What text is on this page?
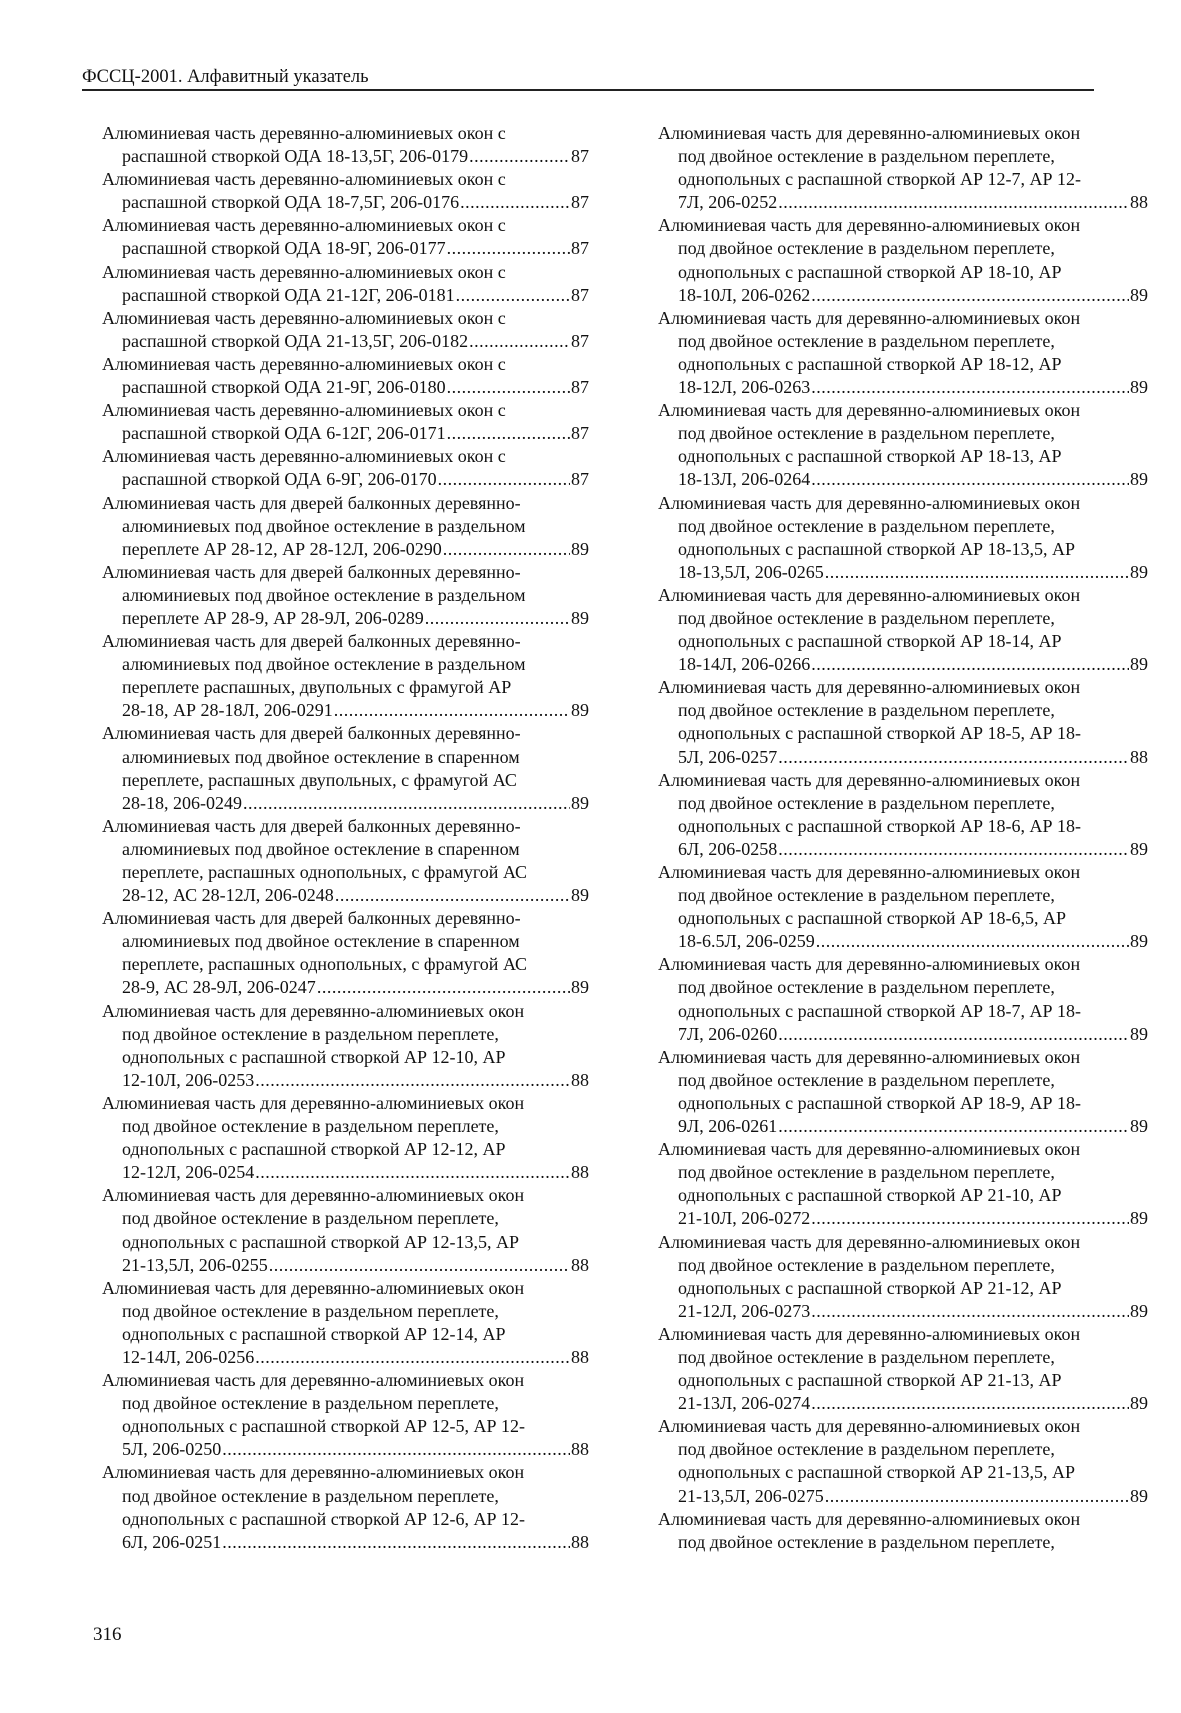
ФССЦ-2001. Алфавитный указатель
Алюминиевая часть деревянно-алюминиевых окон с
распашной створкой ОДА 18-13,5Г, 206-0179 .....	87
Алюминиевая часть деревянно-алюминиевых окон с
распашной створкой ОДА 18-7,5Г, 206-0176 .....	87
Алюминиевая часть деревянно-алюминиевых окон с
распашной створкой ОДА 18-9Г, 206-0177 .....	87
Алюминиевая часть деревянно-алюминиевых окон с
распашной створкой ОДА 21-12Г, 206-0181 .....	87
Алюминиевая часть деревянно-алюминиевых окон с
распашной створкой ОДА 21-13,5Г, 206-0182 .....	87
Алюминиевая часть деревянно-алюминиевых окон с
распашной створкой ОДА 21-9Г, 206-0180 .....	87
Алюминиевая часть деревянно-алюминиевых окон с
распашной створкой ОДА 6-12Г, 206-0171 .....	87
Алюминиевая часть деревянно-алюминиевых окон с
распашной створкой ОДА 6-9Г, 206-0170 .....	87
Алюминиевая часть для дверей балконных деревянно-
алюминиевых под двойное остекление в раздельном
переплете АР 28-12, АР 28-12Л, 206-0290 .....	89
Алюминиевая часть для дверей балконных деревянно-
алюминиевых под двойное остекление в раздельном
переплете АР 28-9, АР 28-9Л, 206-0289 .....	89
Алюминиевая часть для дверей балконных деревянно-
алюминиевых под двойное остекление в раздельном
переплете распашных, двупольных с фрамугой АР
28-18, АР 28-18Л, 206-0291 .....	89
Алюминиевая часть для дверей балконных деревянно-
алюминиевых под двойное остекление в спаренном
переплете, распашных двупольных, с фрамугой АС
28-18, 206-0249 .....	89
Алюминиевая часть для дверей балконных деревянно-
алюминиевых под двойное остекление в спаренном
переплете, распашных однопольных, с фрамугой АС
28-12, АС 28-12Л, 206-0248 .....	89
Алюминиевая часть для дверей балконных деревянно-
алюминиевых под двойное остекление в спаренном
переплете, распашных однопольных, с фрамугой АС
28-9, АС 28-9Л, 206-0247 .....	89
Алюминиевая часть для деревянно-алюминиевых окон
под двойное остекление в раздельном переплете,
однопольных с распашной створкой АР 12-10, АР
12-10Л, 206-0253 .....	88
Алюминиевая часть для деревянно-алюминиевых окон
под двойное остекление в раздельном переплете,
однопольных с распашной створкой АР 12-12, АР
12-12Л, 206-0254 .....	88
Алюминиевая часть для деревянно-алюминиевых окон
под двойное остекление в раздельном переплете,
однопольных с распашной створкой АР 12-13,5, АР
21-13,5Л, 206-0255 .....	88
Алюминиевая часть для деревянно-алюминиевых окон
под двойное остекление в раздельном переплете,
однопольных с распашной створкой АР 12-14, АР
12-14Л, 206-0256 .....	88
Алюминиевая часть для деревянно-алюминиевых окон
под двойное остекление в раздельном переплете,
однопольных с распашной створкой АР 12-5, АР 12-
5Л, 206-0250 .....	88
Алюминиевая часть для деревянно-алюминиевых окон
под двойное остекление в раздельном переплете,
однопольных с распашной створкой АР 12-6, АР 12-
6Л, 206-0251 .....	88
Алюминиевая часть для деревянно-алюминиевых окон
под двойное остекление в раздельном переплете,
однопольных с распашной створкой АР 12-7, АР 12-
7Л, 206-0252 .....	88
Алюминиевая часть для деревянно-алюминиевых окон
под двойное остекление в раздельном переплете,
однопольных с распашной створкой АР 18-10, АР
18-10Л, 206-0262 .....	89
Алюминиевая часть для деревянно-алюминиевых окон
под двойное остекление в раздельном переплете,
однопольных с распашной створкой АР 18-12, АР
18-12Л, 206-0263 .....	89
Алюминиевая часть для деревянно-алюминиевых окон
под двойное остекление в раздельном переплете,
однопольных с распашной створкой АР 18-13, АР
18-13Л, 206-0264 .....	89
Алюминиевая часть для деревянно-алюминиевых окон
под двойное остекление в раздельном переплете,
однопольных с распашной створкой АР 18-13,5, АР
18-13,5Л, 206-0265 .....	89
Алюминиевая часть для деревянно-алюминиевых окон
под двойное остекление в раздельном переплете,
однопольных с распашной створкой АР 18-14, АР
18-14Л, 206-0266 .....	89
Алюминиевая часть для деревянно-алюминиевых окон
под двойное остекление в раздельном переплете,
однопольных с распашной створкой АР 18-5, АР 18-
5Л, 206-0257 .....	88
Алюминиевая часть для деревянно-алюминиевых окон
под двойное остекление в раздельном переплете,
однопольных с распашной створкой АР 18-6, АР 18-
6Л, 206-0258 .....	89
Алюминиевая часть для деревянно-алюминиевых окон
под двойное остекление в раздельном переплете,
однопольных с распашной створкой АР 18-6,5, АР
18-6.5Л, 206-0259 .....	89
Алюминиевая часть для деревянно-алюминиевых окон
под двойное остекление в раздельном переплете,
однопольных с распашной створкой АР 18-7, АР 18-
7Л, 206-0260 .....	89
Алюминиевая часть для деревянно-алюминиевых окон
под двойное остекление в раздельном переплете,
однопольных с распашной створкой АР 18-9, АР 18-
9Л, 206-0261 .....	89
Алюминиевая часть для деревянно-алюминиевых окон
под двойное остекление в раздельном переплете,
однопольных с распашной створкой АР 21-10, АР
21-10Л, 206-0272 .....	89
Алюминиевая часть для деревянно-алюминиевых окон
под двойное остекление в раздельном переплете,
однопольных с распашной створкой АР 21-12, АР
21-12Л, 206-0273 .....	89
Алюминиевая часть для деревянно-алюминиевых окон
под двойное остекление в раздельном переплете,
однопольных с распашной створкой АР 21-13, АР
21-13Л, 206-0274 .....	89
Алюминиевая часть для деревянно-алюминиевых окон
под двойное остекление в раздельном переплете,
однопольных с распашной створкой АР 21-13,5, АР
21-13,5Л, 206-0275 .....	89
Алюминиевая часть для деревянно-алюминиевых окон
под двойное остекление в раздельном переплете,
316
